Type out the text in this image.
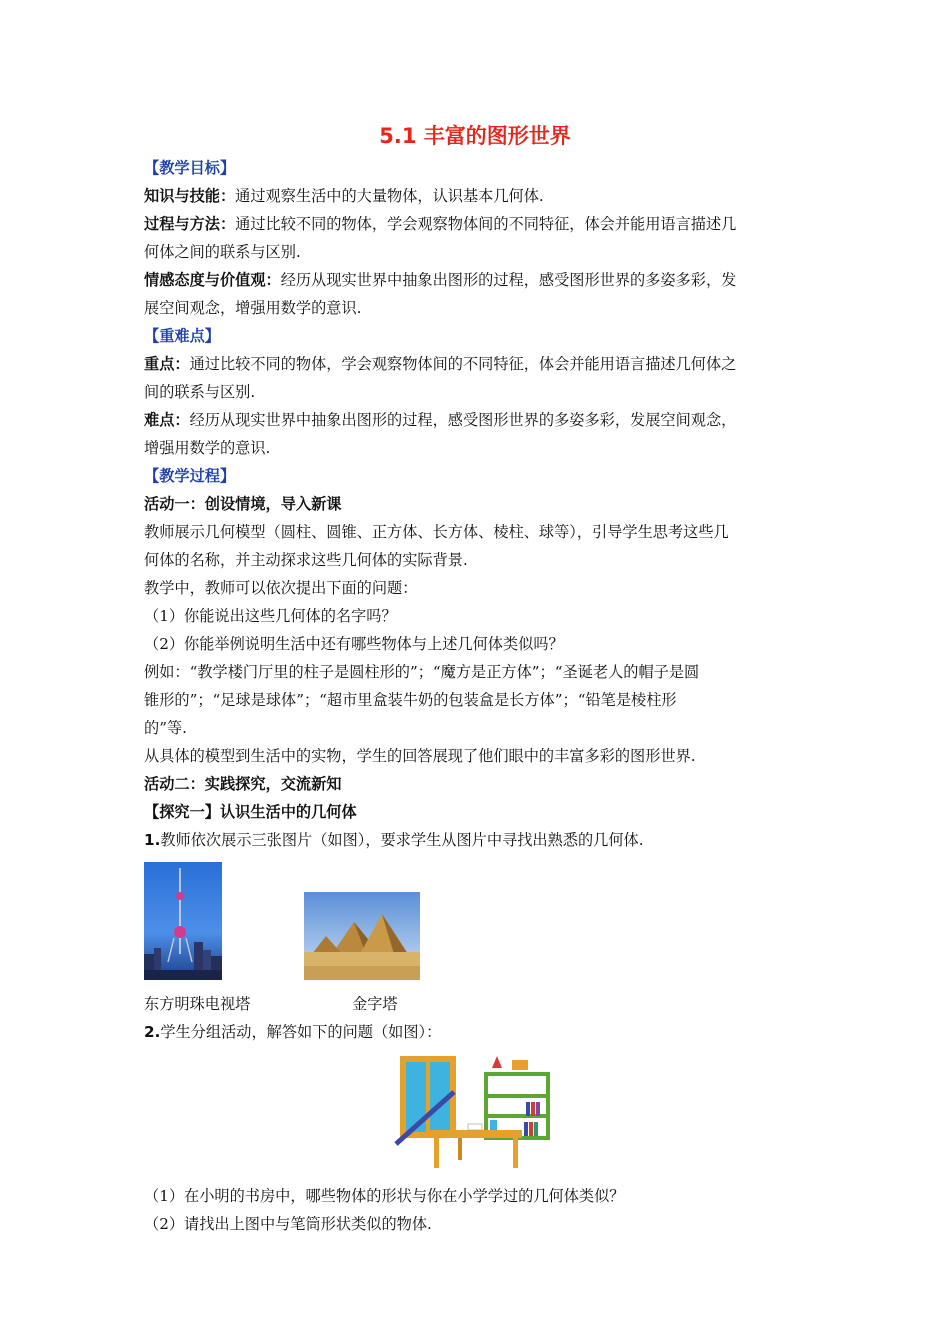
5.1 丰富的图形世界

【教学目标】

知识与技能：通过观察生活中的大量物体，认识基本几何体.

过程与方法：通过比较不同的物体，学会观察物体间的不同特征，体会并能用语言描述几

何体之间的联系与区别.

情感态度与价值观：经历从现实世界中抽象出图形的过程，感受图形世界的多姿多彩，发

展空间观念，增强用数学的意识.

【重难点】

重点：通过比较不同的物体，学会观察物体间的不同特征，体会并能用语言描述几何体之

间的联系与区别.

难点：经历从现实世界中抽象出图形的过程，感受图形世界的多姿多彩，发展空间观念，

增强用数学的意识.

【教学过程】

活动一：创设情境，导入新课

教师展示几何模型（圆柱、圆锥、正方体、长方体、棱柱、球等），引导学生思考这些几

何体的名称，并主动探求这些几何体的实际背景.

教学中，教师可以依次提出下面的问题：

（1）你能说出这些几何体的名字吗？

（2）你能举例说明生活中还有哪些物体与上述几何体类似吗？

例如：“教学楼门厅里的柱子是圆柱形的”；“魔方是正方体”；“圣诞老人的帽子是圆

锥形的”；“足球是球体”；“超市里盒装牛奶的包装盒是长方体”；“铅笔是棱柱形

的”等.

从具体的模型到生活中的实物，学生的回答展现了他们眼中的丰富多彩的图形世界.

活动二：实践探究，交流新知

【探究一】认识生活中的几何体

1.教师依次展示三张图片（如图），要求学生从图片中寻找出熟悉的几何体.

东方明珠电视塔	金字塔

2.学生分组活动，解答如下的问题（如图）：

（1）在小明的书房中，哪些物体的形状与你在小学学过的几何体类似？

（2）请找出上图中与笔筒形状类似的物体.
